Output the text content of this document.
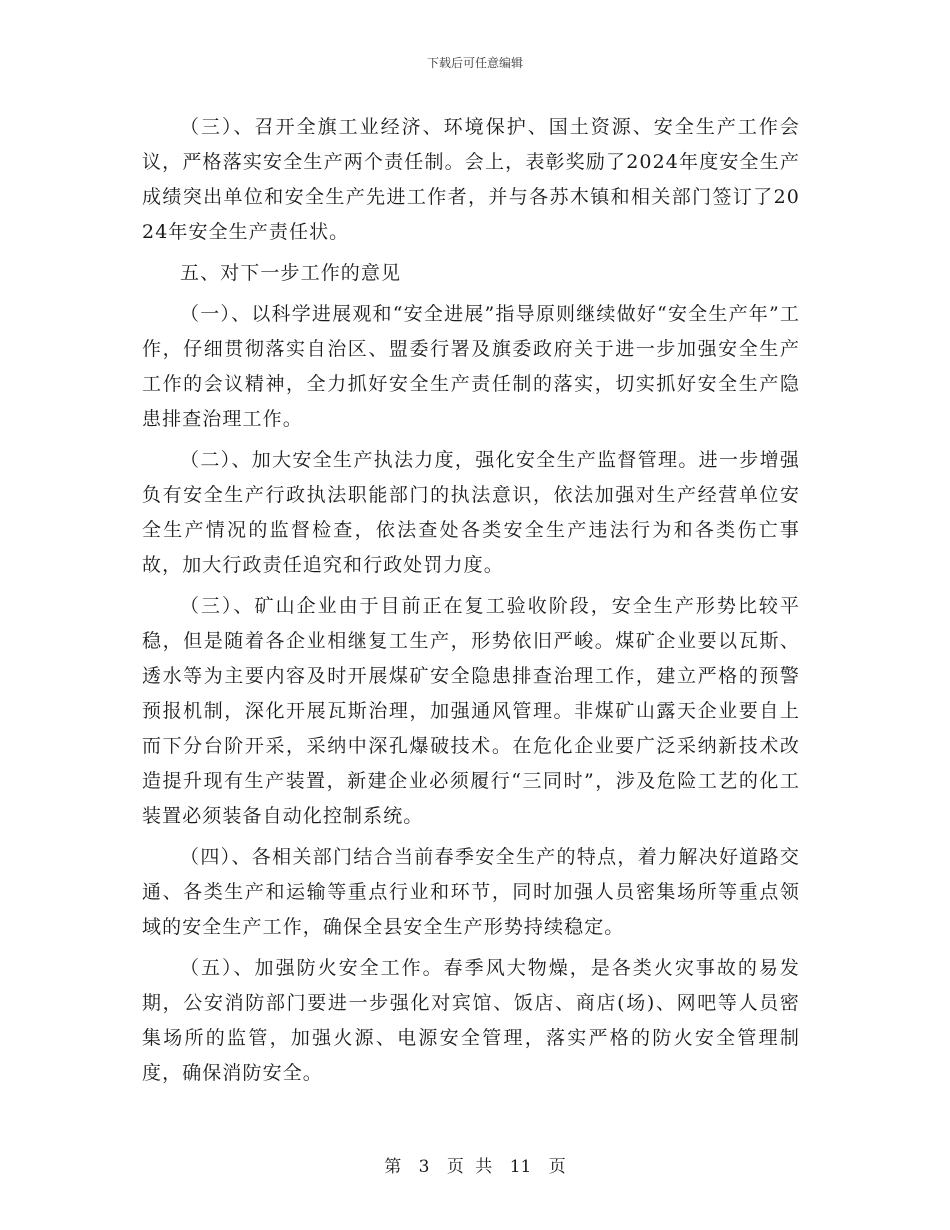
下载后可任意编辑

（三）、召开全旗工业经济、环境保护、国土资源、安全生产工作会议，严格落实安全生产两个责任制。会上，表彰奖励了2024年度安全生产成绩突出单位和安全生产先进工作者，并与各苏木镇和相关部门签订了2024年安全生产责任状。

五、对下一步工作的意见

（一）、以科学进展观和“安全进展”指导原则继续做好“安全生产年”工作，仔细贯彻落实自治区、盟委行署及旗委政府关于进一步加强安全生产工作的会议精神，全力抓好安全生产责任制的落实，切实抓好安全生产隐患排查治理工作。

（二）、加大安全生产执法力度，强化安全生产监督管理。进一步增强负有安全生产行政执法职能部门的执法意识，依法加强对生产经营单位安全生产情况的监督检查，依法查处各类安全生产违法行为和各类伤亡事故，加大行政责任追究和行政处罚力度。

（三）、矿山企业由于目前正在复工验收阶段，安全生产形势比较平稳，但是随着各企业相继复工生产，形势依旧严峻。煤矿企业要以瓦斯、透水等为主要内容及时开展煤矿安全隐患排查治理工作，建立严格的预警预报机制，深化开展瓦斯治理，加强通风管理。非煤矿山露天企业要自上而下分台阶开采，采纳中深孔爆破技术。在危化企业要广泛采纳新技术改造提升现有生产装置，新建企业必须履行“三同时”，涉及危险工艺的化工装置必须装备自动化控制系统。

（四）、各相关部门结合当前春季安全生产的特点，着力解决好道路交通、各类生产和运输等重点行业和环节，同时加强人员密集场所等重点领域的安全生产工作，确保全县安全生产形势持续稳定。

（五）、加强防火安全工作。春季风大物燥，是各类火灾事故的易发期，公安消防部门要进一步强化对宾馆、饭店、商店(场)、网吧等人员密集场所的监管，加强火源、电源安全管理，落实严格的防火安全管理制度，确保消防安全。

第 3 页 共 11 页
